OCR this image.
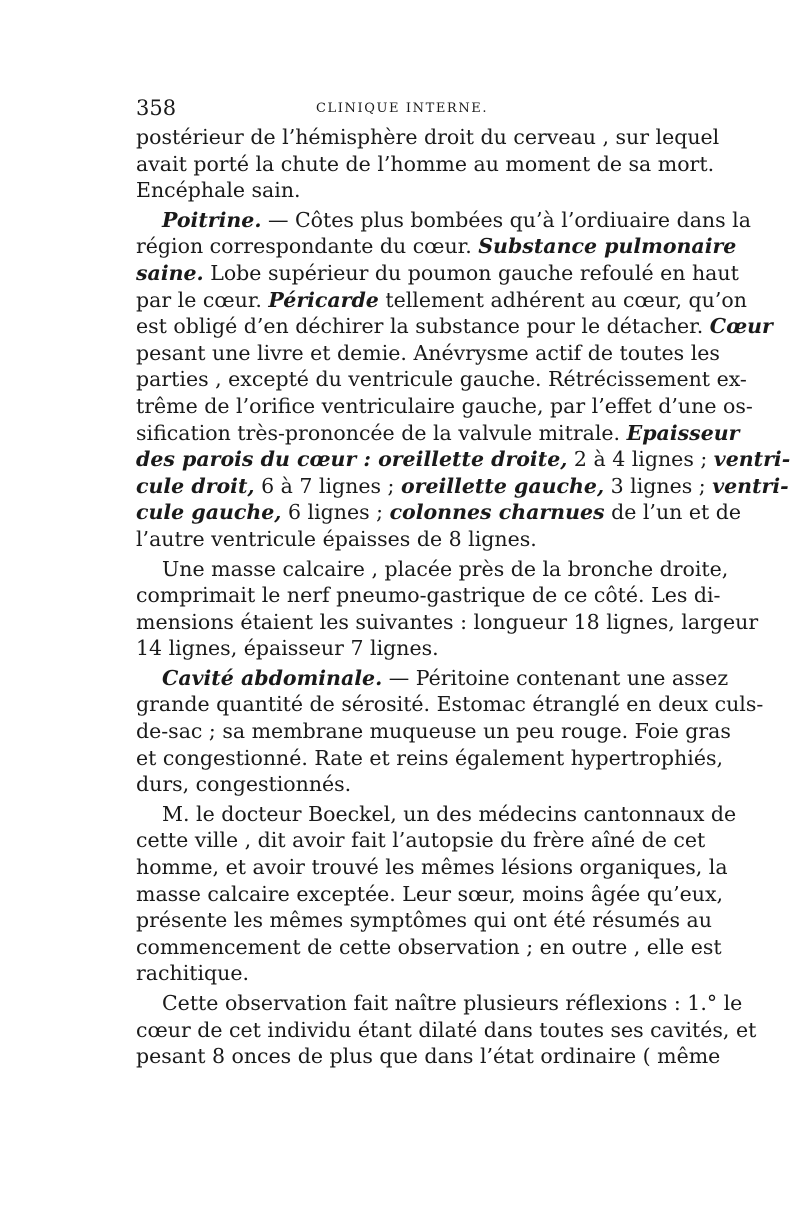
358	CLINIQUE INTERNE.
postérieur de l’hémisphère droit du cerveau , sur lequel
avait porté la chute de l’homme au moment de sa mort.
Encéphale sain.
Poitrine. — Côtes plus bombées qu’à l’ordiuaire dans la
région correspondante du cœur. Substance pulmonaire
saine. Lobe supérieur du poumon gauche refoulé en haut
par le cœur. Péricarde tellement adhérent au cœur, qu’on
est obligé d’en déchirer la substance pour le détacher. Cœur
pesant une livre et demie. Anévrysme actif de toutes les
parties , excepté du ventricule gauche. Rétrécissement ex-
trême de l’orifice ventriculaire gauche, par l’effet d’une os-
sification très-prononcée de la valvule mitrale. Epaisseur
des parois du cœur : oreillette droite, 2 à 4 lignes ; ventri-
cule droit, 6 à 7 lignes ; oreillette gauche, 3 lignes ; ventri-
cule gauche, 6 lignes ; colonnes charnues de l’un et de
l’autre ventricule épaisses de 8 lignes.
Une masse calcaire , placée près de la bronche droite,
comprimait le nerf pneumo-gastrique de ce côté. Les di-
mensions étaient les suivantes : longueur 18 lignes, largeur
14 lignes, épaisseur 7 lignes.
Cavité abdominale. — Péritoine contenant une assez
grande quantité de sérosité. Estomac étranglé en deux culs-
de-sac ; sa membrane muqueuse un peu rouge. Foie gras
et congestionné. Rate et reins également hypertrophiés,
durs, congestionnés.
M. le docteur Boeckel, un des médecins cantonnaux de
cette ville , dit avoir fait l’autopsie du frère aîné de cet
homme, et avoir trouvé les mêmes lésions organiques, la
masse calcaire exceptée. Leur sœur, moins âgée qu’eux,
présente les mêmes symptômes qui ont été résumés au
commencement de cette observation ; en outre , elle est
rachitique.
Cette observation fait naître plusieurs réflexions : 1.° le
cœur de cet individu étant dilaté dans toutes ses cavités, et
pesant 8 onces de plus que dans l’état ordinaire ( même
